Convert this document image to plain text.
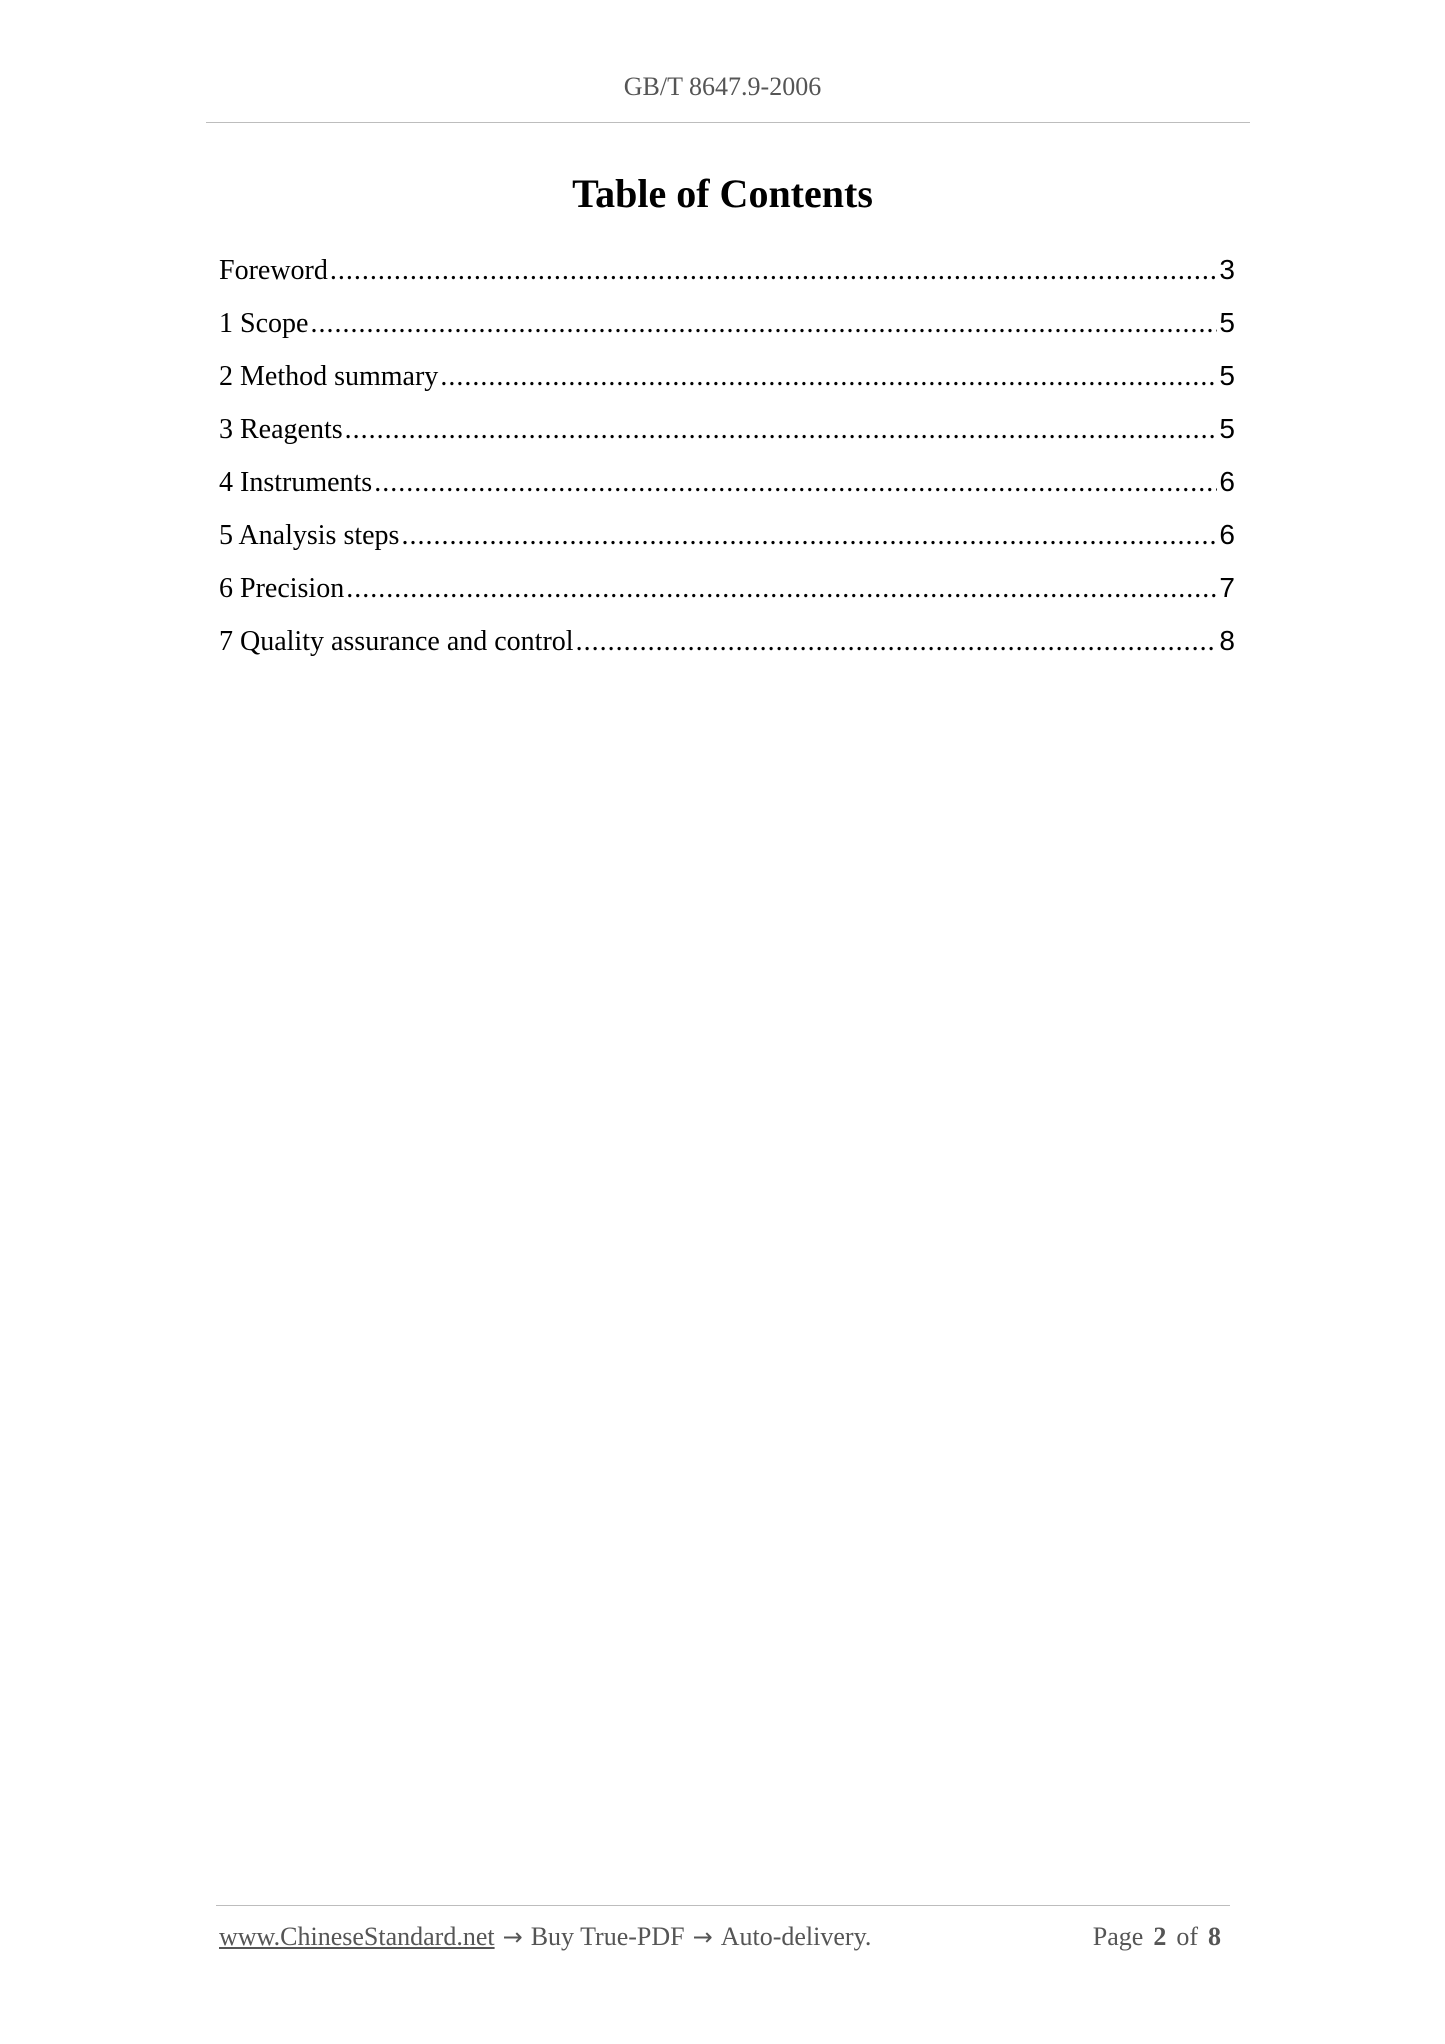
GB/T 8647.9-2006
Table of Contents
Foreword .....	3
1 Scope .....	5
2 Method summary .....	5
3 Reagents .....	5
4 Instruments .....	6
5 Analysis steps .....	6
6 Precision .....	7
7 Quality assurance and control .....	8
www.ChineseStandard.net → Buy True-PDF → Auto-delivery.	Page 2 of 8
